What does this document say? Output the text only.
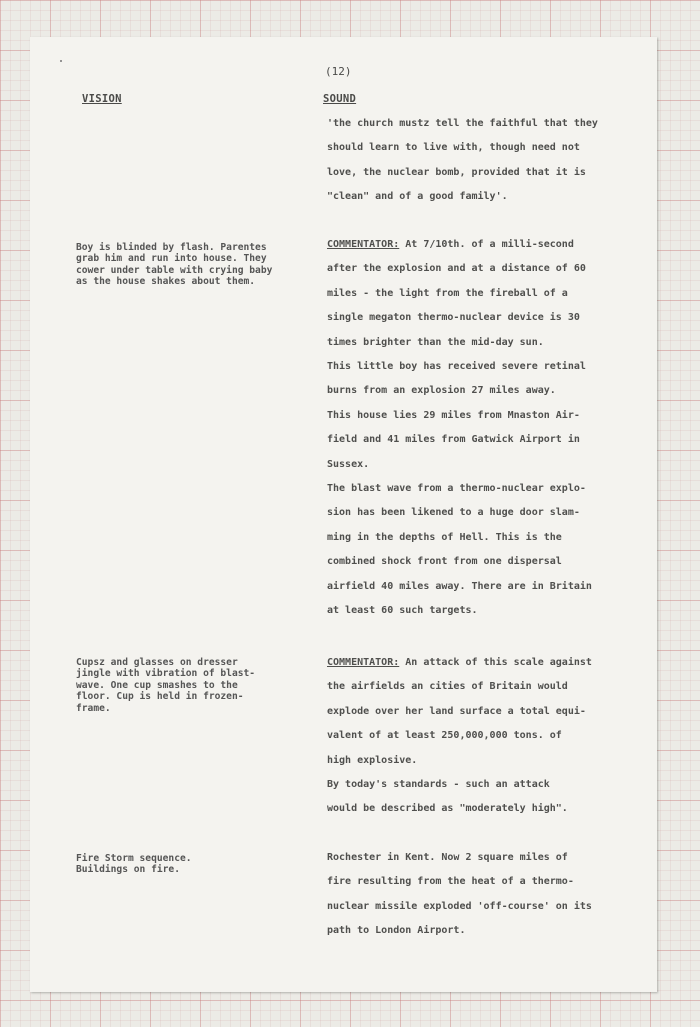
(12)
VISION	SOUND
'the church mustz tell the faithful that they
should learn to live with, though need not
love, the nuclear bomb, provided that it is
"clean" and of a good family'.
Boy is blinded by flash. Parentes
grab him and run into house. They
cower under table with crying baby
as the house shakes about them.
COMMENTATOR: At 7/10th. of a milli-second
after the explosion and at a distance of 60
miles - the light from the fireball of a
single megaton thermo-nuclear device is 30
times brighter than the mid-day sun.
This little boy has received severe retinal
burns from an explosion 27 miles away.
This house lies 29 miles from Mnaston Air-
field and 41 miles from Gatwick Airport in
Sussex.
The blast wave from a thermo-nuclear explo-
sion has been likened to a huge door slam-
ming in the depths of Hell. This is the
combined shock front from one dispersal
airfield 40 miles away. There are in Britain
at least 60 such targets.
Cupsz and glasses on dresser
jingle with vibration of blast-
wave. One cup smashes to the
floor. Cup is held in frozen-
frame.
COMMENTATOR: An attack of this scale against
the airfields an cities of Britain would
explode over her land surface a total equi-
valent of at least 250,000,000 tons. of
high explosive.
By today's standards - such an attack
would be described as "moderately high".
Fire Storm sequence.
Buildings on fire.
Rochester in Kent. Now 2 square miles of
fire resulting from the heat of a thermo-
nuclear missile exploded 'off-course' on its
path to London Airport.
